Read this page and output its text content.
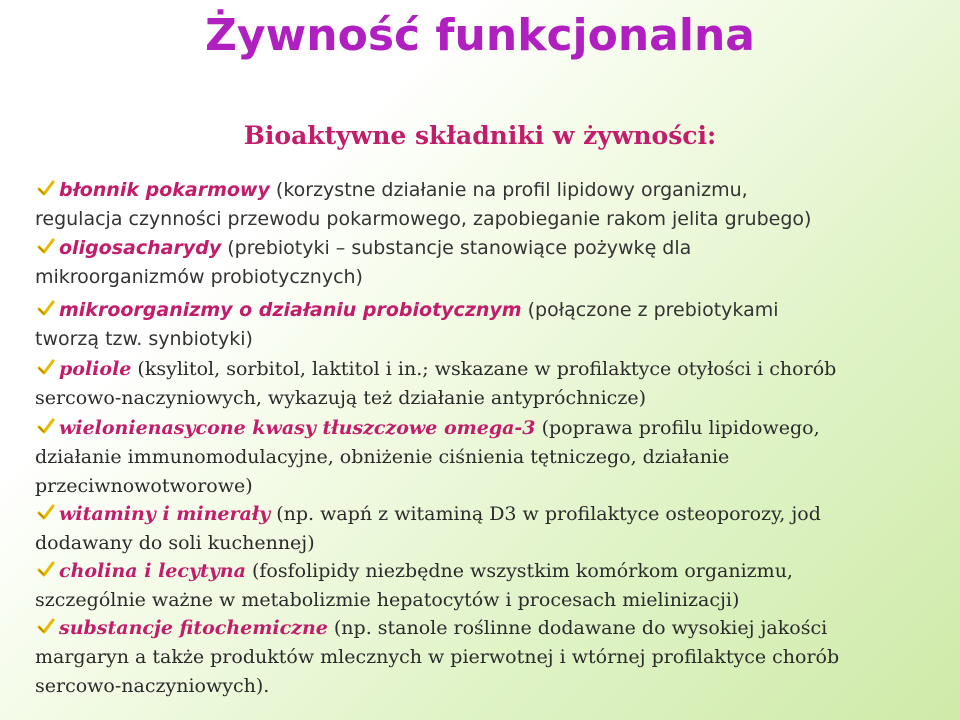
Żywność funkcjonalna
Bioaktywne składniki w żywności:
błonnik pokarmowy (korzystne działanie na profil lipidowy organizmu,
regulacja czynności przewodu pokarmowego, zapobieganie rakom jelita grubego)
oligosacharydy (prebiotyki – substancje stanowiące pożywkę dla
mikroorganizmów probiotycznych)
mikroorganizmy o działaniu probiotycznym (połączone z prebiotykami
tworzą tzw. synbiotyki)
poliole (ksylitol, sorbitol, laktitol i in.; wskazane w profilaktyce otyłości i chorób
sercowo-naczyniowych, wykazują też działanie antypróchnicze)
wielonienasycone kwasy tłuszczowe omega-3 (poprawa profilu lipidowego,
działanie immunomodulacyjne, obniżenie ciśnienia tętniczego, działanie
przeciwnowotworowe)
witaminy i minerały (np. wapń z witaminą D3 w profilaktyce osteoporozy, jod
dodawany do soli kuchennej)
cholina i lecytyna (fosfolipidy niezbędne wszystkim komórkom organizmu,
szczególnie ważne w metabolizmie hepatocytów i procesach mielinizacji)
substancje fitochemiczne (np. stanole roślinne dodawane do wysokiej jakości
margaryn a także produktów mlecznych w pierwotnej i wtórnej profilaktyce chorób
sercowo-naczyniowych).
